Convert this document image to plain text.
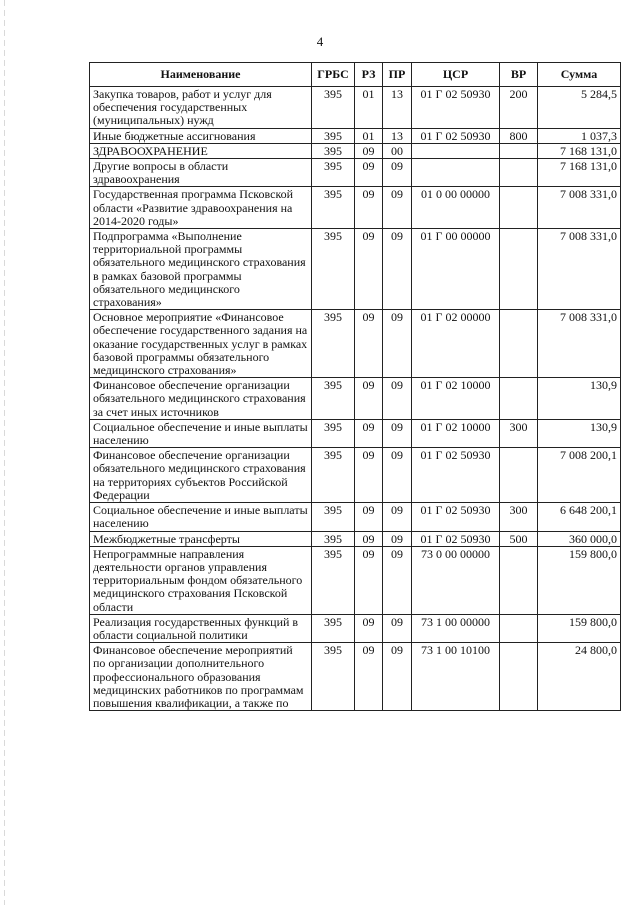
4
Наименование	ГРБС	РЗ	ПР	ЦСР	ВР	Сумма
Закупка товаров, работ и услуг для обеспечения государственных (муниципальных) нужд	395	01	13	01 Г 02 50930	200	5 284,5
Иные бюджетные ассигнования	395	01	13	01 Г 02 50930	800	1 037,3
ЗДРАВООХРАНЕНИЕ	395	09	00			7 168 131,0
Другие вопросы в области здравоохранения	395	09	09			7 168 131,0
Государственная программа Псковской области «Развитие здравоохранения на 2014-2020 годы»	395	09	09	01 0 00 00000		7 008 331,0
Подпрограмма «Выполнение территориальной программы обязательного медицинского страхования в рамках базовой программы обязательного медицинского страхования»	395	09	09	01 Г 00 00000		7 008 331,0
Основное мероприятие «Финансовое обеспечение государственного задания на оказание государственных услуг в рамках базовой программы обязательного медицинского страхования»	395	09	09	01 Г 02 00000		7 008 331,0
Финансовое обеспечение организации обязательного медицинского страхования за счет иных источников	395	09	09	01 Г 02 10000		130,9
Социальное обеспечение и иные выплаты населению	395	09	09	01 Г 02 10000	300	130,9
Финансовое обеспечение организации обязательного медицинского страхования на территориях субъектов Российской Федерации	395	09	09	01 Г 02 50930		7 008 200,1
Социальное обеспечение и иные выплаты населению	395	09	09	01 Г 02 50930	300	6 648 200,1
Межбюджетные трансферты	395	09	09	01 Г 02 50930	500	360 000,0
Непрограммные направления деятельности органов управления территориальным фондом обязательного медицинского страхования Псковской области	395	09	09	73 0 00 00000		159 800,0
Реализация государственных функций в области социальной политики	395	09	09	73 1 00 00000		159 800,0
Финансовое обеспечение мероприятий по организации дополнительного профессионального образования медицинских работников по программам повышения квалификации, а также по	395	09	09	73 1 00 10100		24 800,0
